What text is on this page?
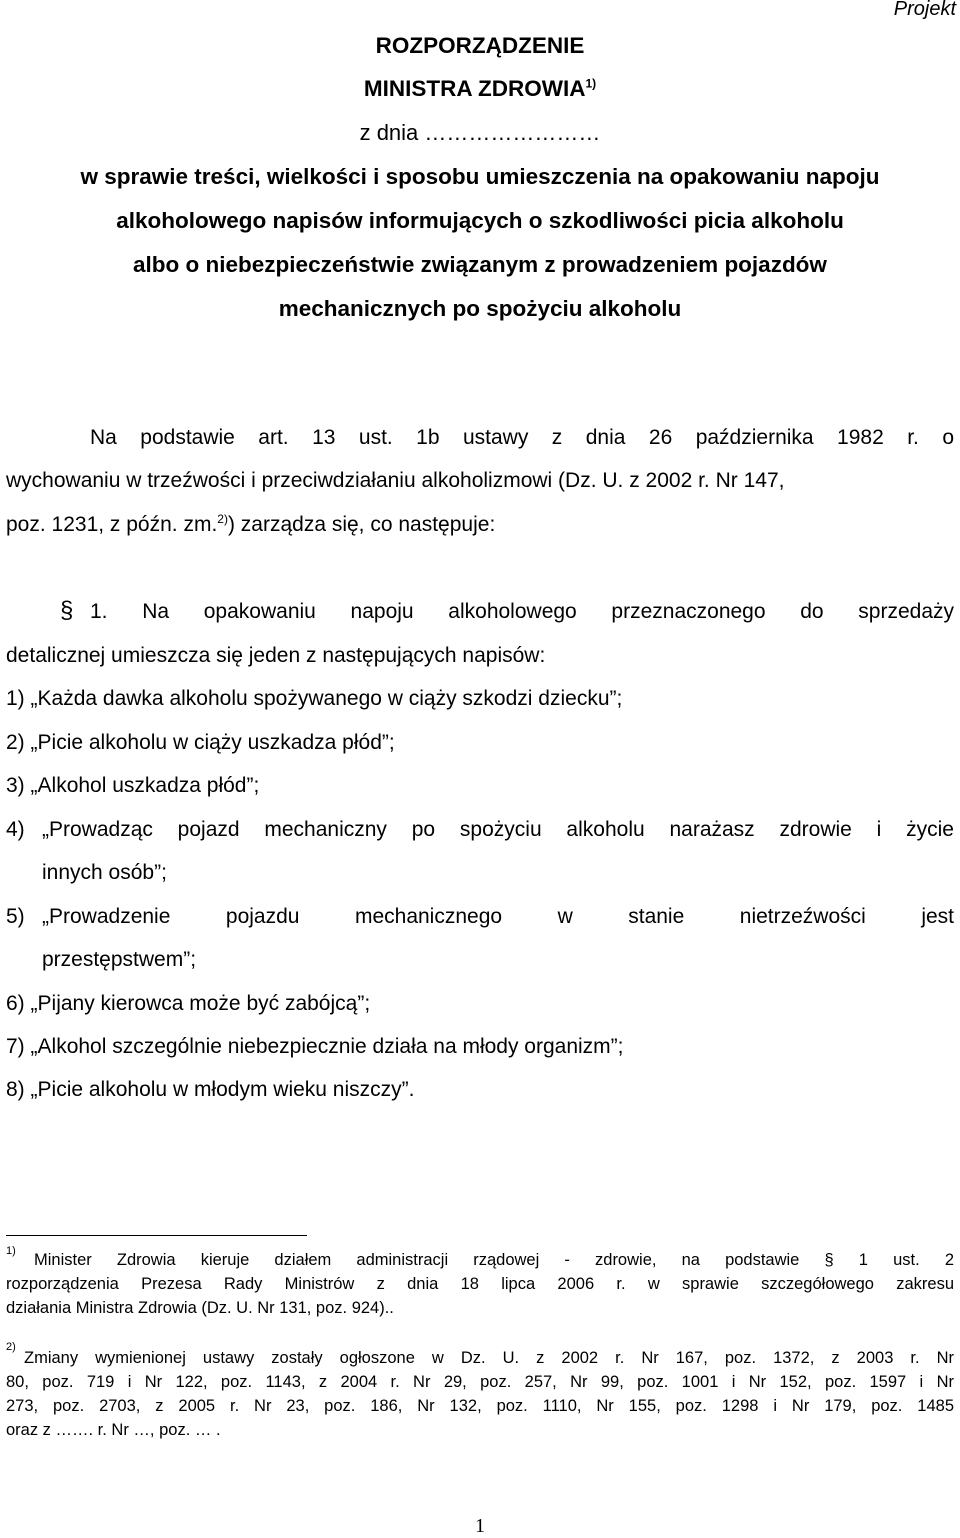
Projekt
ROZPORZĄDZENIE
MINISTRA ZDROWIA$^{1)}$
z dnia ……………………
w sprawie treści, wielkości i sposobu umieszczenia na opakowaniu napoju
alkoholowego napisów informujących o szkodliwości picia alkoholu
albo o niebezpieczeństwie związanym z prowadzeniem pojazdów
mechanicznych po spożyciu alkoholu
Na podstawie art. 13 ust. 1b ustawy z dnia 26 października 1982 r. o
wychowaniu w trzeźwości i przeciwdziałaniu alkoholizmowi (Dz. U. z 2002 r. Nr 147,
poz. 1231, z późn. zm.$^{2)}$) zarządza się, co następuje:
§ 1. Na opakowaniu napoju alkoholowego przeznaczonego do sprzedaży
detalicznej umieszcza się jeden z następujących napisów:
1) „Każda dawka alkoholu spożywanego w ciąży szkodzi dziecku”;
2) „Picie alkoholu w ciąży uszkadza płód”;
3) „Alkohol uszkadza płód”;
4) „Prowadząc pojazd mechaniczny po spożyciu alkoholu narażasz zdrowie i życie
innych osób”;
5) „Prowadzenie pojazdu mechanicznego w stanie nietrzeźwości jest
przestępstwem”;
6) „Pijany kierowca może być zabójcą”;
7) „Alkohol szczególnie niebezpiecznie działa na młody organizm”;
8) „Picie alkoholu w młodym wieku niszczy”.
1) Minister Zdrowia kieruje działem administracji rządowej - zdrowie, na podstawie § 1 ust. 2
rozporządzenia Prezesa Rady Ministrów z dnia 18 lipca 2006 r. w sprawie szczegółowego zakresu
działania Ministra Zdrowia (Dz. U. Nr 131, poz. 924)..
2)
Zmiany wymienionej ustawy zostały ogłoszone w Dz. U. z 2002 r. Nr 167, poz. 1372, z 2003 r. Nr
80, poz. 719 i Nr 122, poz. 1143, z 2004 r. Nr 29, poz. 257, Nr 99, poz. 1001 i Nr 152, poz. 1597 i Nr
273, poz. 2703, z 2005 r. Nr 23, poz. 186, Nr 132, poz. 1110, Nr 155, poz. 1298 i Nr 179, poz. 1485
oraz z ……. r. Nr …, poz. … .
1
